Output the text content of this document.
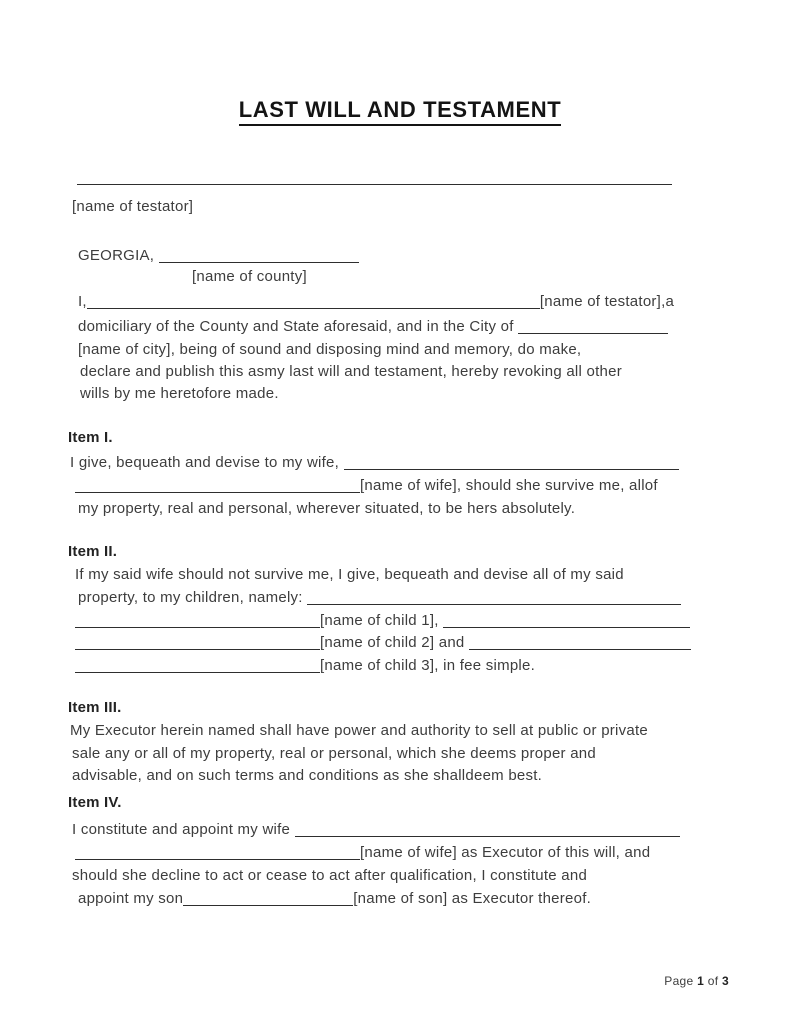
LAST WILL AND TESTAMENT
[name of testator]
GEORGIA,
[name of county]
I,	[name of testator],a
domiciliary of the County and State aforesaid, and in the City of
[name of city], being of sound and disposing mind and memory, do make,
declare and publish this asmy last will and testament, hereby revoking all other
wills by me heretofore made.
Item I.
I give, bequeath and devise to my wife,
[name of wife], should she survive me, allof
my property, real and personal, wherever situated, to be hers absolutely.
Item II.
If my said wife should not survive me, I give, bequeath and devise all of my said
property, to my children, namely:
[name of child 1],
[name of child 2] and
[name of child 3], in fee simple.
Item III.
My Executor herein named shall have power and authority to sell at public or private
sale any or all of my property, real or personal, which she deems proper and
advisable, and on such terms and conditions as she shalldeem best.
Item IV.
I constitute and appoint my wife
[name of wife] as Executor of this will, and
should she decline to act or cease to act after qualification, I constitute and
appoint my son	[name of son] as Executor thereof.
Page 1 of 3
